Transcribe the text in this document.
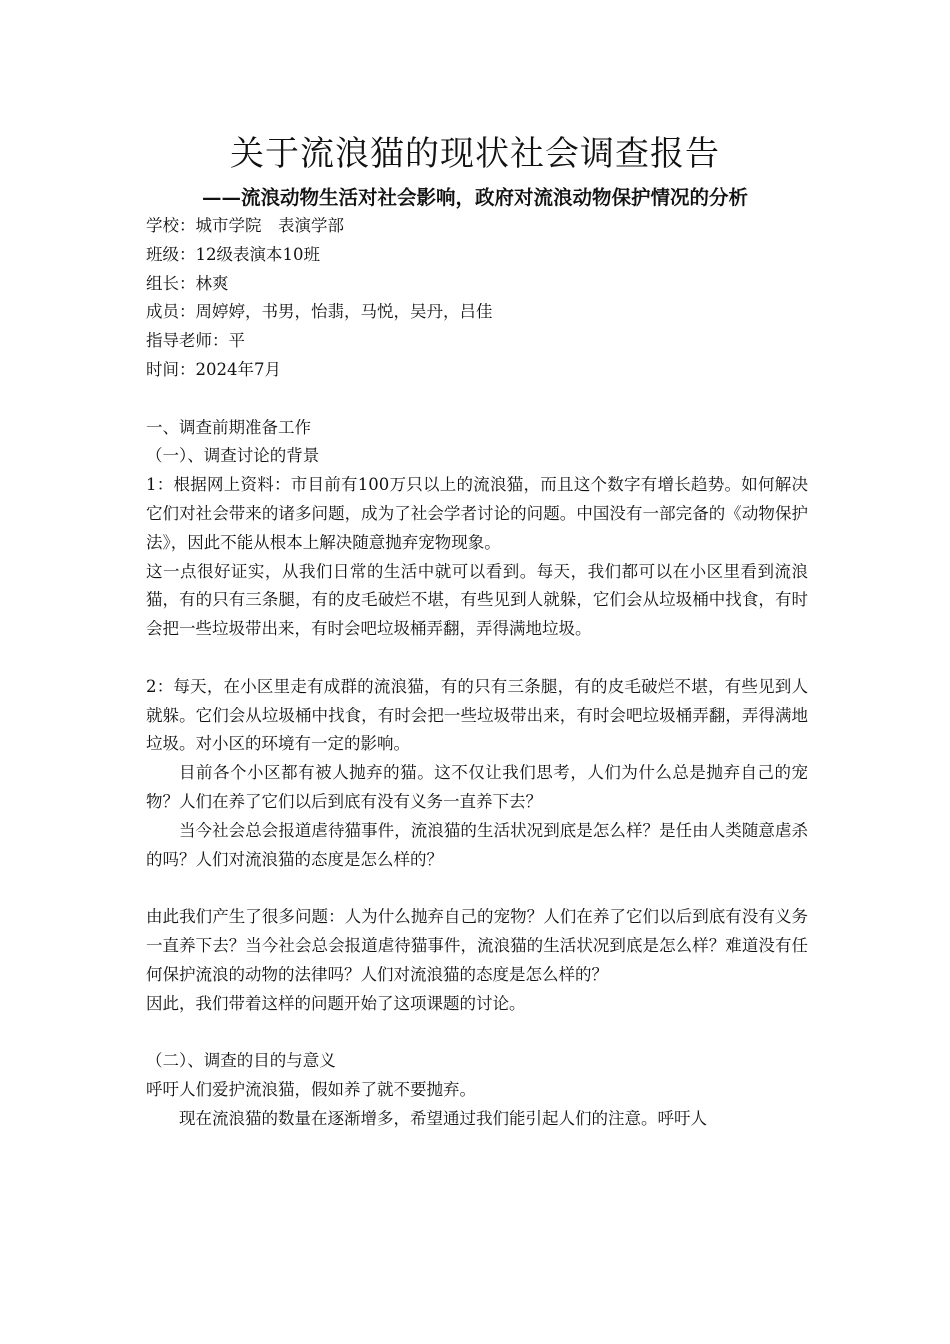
关于流浪猫的现状社会调查报告
——流浪动物生活对社会影响，政府对流浪动物保护情况的分析

学校：城市学院　表演学部

班级：12级表演本10班

组长：林爽

成员：周婷婷，书男，怡翡，马悦，吴丹，吕佳

指导老师：平

时间：2024年7月

一、调查前期准备工作

（一）、调查讨论的背景

1：根据网上资料：市目前有100万只以上的流浪猫，而且这个数字有增长趋势。如何解决它们对社会带来的诸多问题，成为了社会学者讨论的问题。中国没有一部完备的《动物保护法》，因此不能从根本上解决随意抛弃宠物现象。

这一点很好证实，从我们日常的生活中就可以看到。每天，我们都可以在小区里看到流浪猫，有的只有三条腿，有的皮毛破烂不堪，有些见到人就躲，它们会从垃圾桶中找食，有时会把一些垃圾带出来，有时会吧垃圾桶弄翻，弄得满地垃圾。

2：每天，在小区里走有成群的流浪猫，有的只有三条腿，有的皮毛破烂不堪，有些见到人就躲。它们会从垃圾桶中找食，有时会把一些垃圾带出来，有时会吧垃圾桶弄翻，弄得满地垃圾。对小区的环境有一定的影响。

目前各个小区都有被人抛弃的猫。这不仅让我们思考，人们为什么总是抛弃自己的宠物？人们在养了它们以后到底有没有义务一直养下去？

当今社会总会报道虐待猫事件，流浪猫的生活状况到底是怎么样？是任由人类随意虐杀的吗？人们对流浪猫的态度是怎么样的？

由此我们产生了很多问题：人为什么抛弃自己的宠物？人们在养了它们以后到底有没有义务一直养下去？当今社会总会报道虐待猫事件，流浪猫的生活状况到底是怎么样？难道没有任何保护流浪的动物的法律吗？人们对流浪猫的态度是怎么样的？

因此，我们带着这样的问题开始了这项课题的讨论。

（二）、调查的目的与意义

呼吁人们爱护流浪猫，假如养了就不要抛弃。

现在流浪猫的数量在逐渐增多，希望通过我们能引起人们的注意。呼吁人
